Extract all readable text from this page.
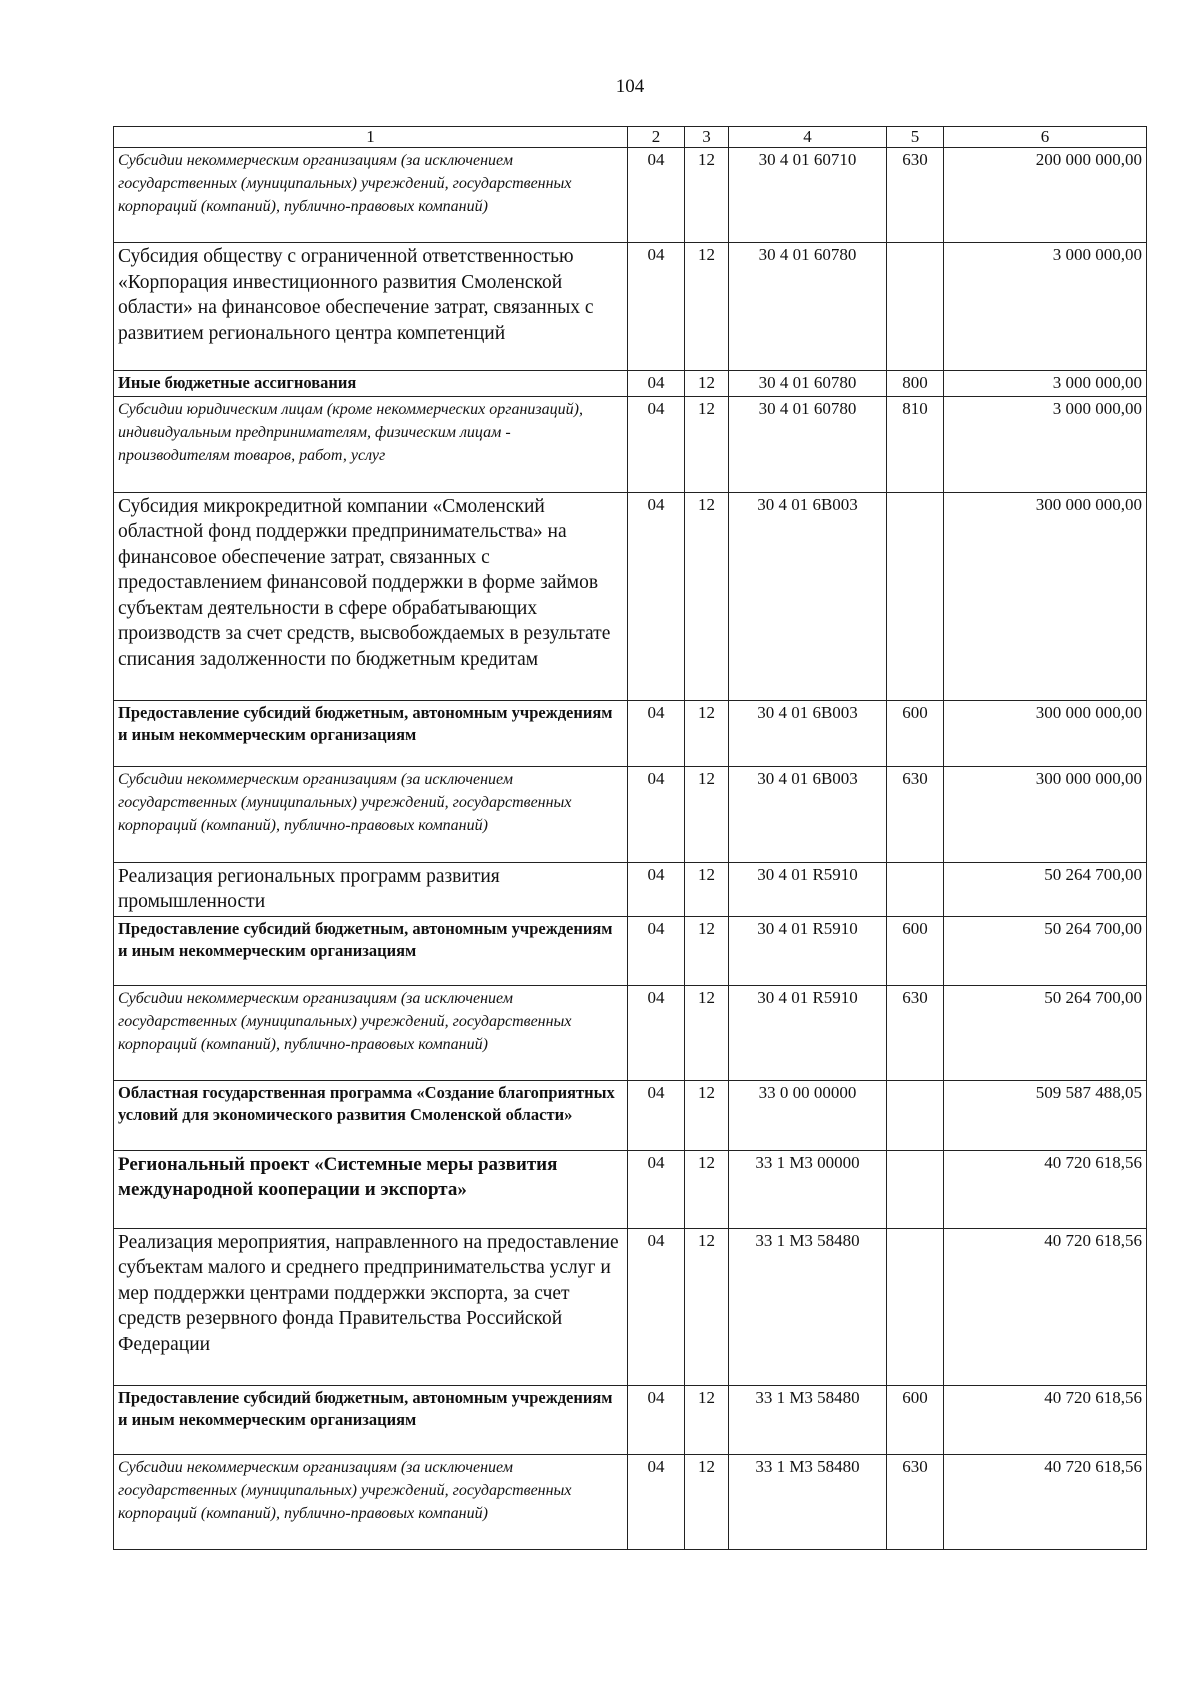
104
1	2	3	4	5	6
Субсидии некоммерческим организациям (за исключением государственных (муниципальных) учреждений, государственных корпораций (компаний), публично-правовых компаний)	04	12	30 4 01 60710	630	200 000 000,00
Субсидия обществу с ограниченной ответственностью «Корпорация инвестиционного развития Смоленской области» на финансовое обеспечение затрат, связанных с развитием регионального центра компетенций	04	12	30 4 01 60780		3 000 000,00
Иные бюджетные ассигнования	04	12	30 4 01 60780	800	3 000 000,00
Субсидии юридическим лицам (кроме некоммерческих организаций), индивидуальным предпринимателям, физическим лицам - производителям товаров, работ, услуг	04	12	30 4 01 60780	810	3 000 000,00
Субсидия микрокредитной компании «Смоленский областной фонд поддержки предпринимательства» на финансовое обеспечение затрат, связанных с предоставлением финансовой поддержки в форме займов субъектам деятельности в сфере обрабатывающих производств за счет средств, высвобождаемых в результате списания задолженности по бюджетным кредитам	04	12	30 4 01 6В003		300 000 000,00
Предоставление субсидий бюджетным, автономным учреждениям и иным некоммерческим организациям	04	12	30 4 01 6В003	600	300 000 000,00
Субсидии некоммерческим организациям (за исключением государственных (муниципальных) учреждений, государственных корпораций (компаний), публично-правовых компаний)	04	12	30 4 01 6В003	630	300 000 000,00
Реализация региональных программ развития промышленности	04	12	30 4 01 R5910		50 264 700,00
Предоставление субсидий бюджетным, автономным учреждениям и иным некоммерческим организациям	04	12	30 4 01 R5910	600	50 264 700,00
Субсидии некоммерческим организациям (за исключением государственных (муниципальных) учреждений, государственных корпораций (компаний), публично-правовых компаний)	04	12	30 4 01 R5910	630	50 264 700,00
Областная государственная программа «Создание благоприятных условий для экономического развития Смоленской области»	04	12	33 0 00 00000		509 587 488,05
Региональный проект «Системные меры развития международной кооперации и экспорта»	04	12	33 1 М3 00000		40 720 618,56
Реализация мероприятия, направленного на предоставление субъектам малого и среднего предпринимательства услуг и мер поддержки центрами поддержки экспорта, за счет средств резервного фонда Правительства Российской Федерации	04	12	33 1 М3 58480		40 720 618,56
Предоставление субсидий бюджетным, автономным учреждениям и иным некоммерческим организациям	04	12	33 1 М3 58480	600	40 720 618,56
Субсидии некоммерческим организациям (за исключением государственных (муниципальных) учреждений, государственных корпораций (компаний), публично-правовых компаний)	04	12	33 1 М3 58480	630	40 720 618,56
